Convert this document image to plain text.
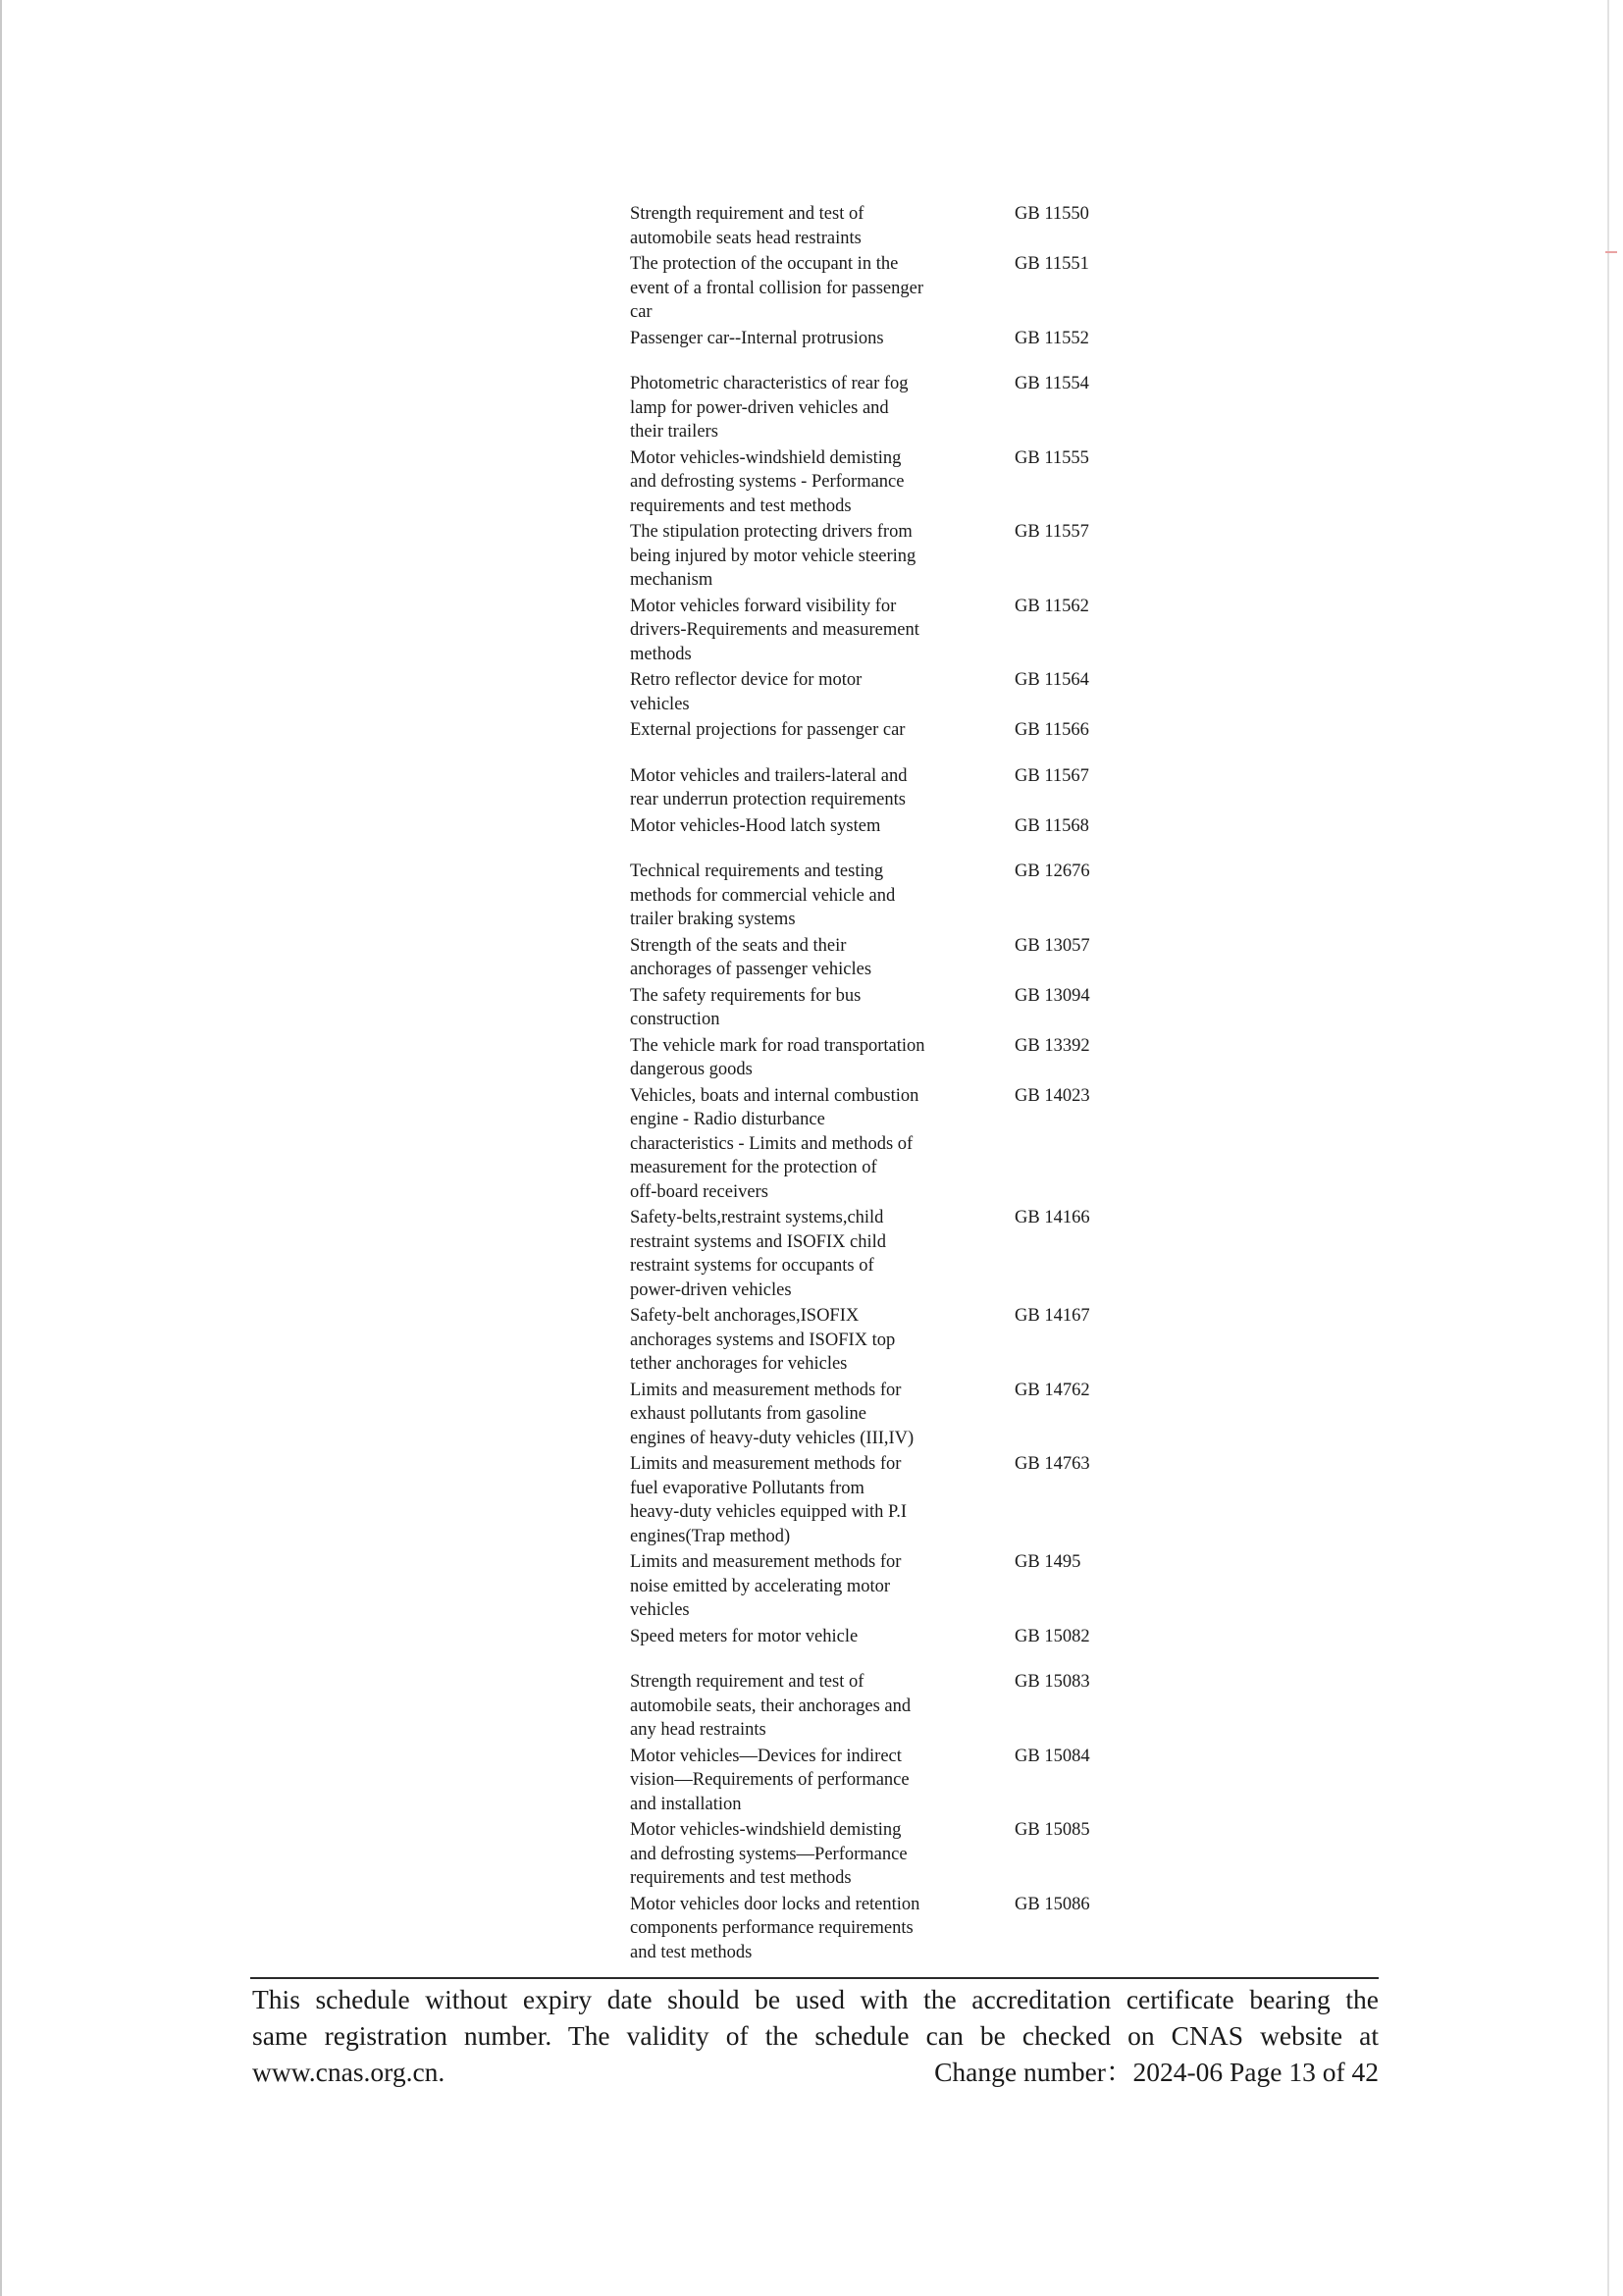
Strength requirement and test of
automobile seats head restraints
GB 11550
The protection of the occupant in the
event of a frontal collision for passenger
car
GB 11551
Passenger car--Internal protrusions	GB 11552
Photometric characteristics of rear fog
lamp for power-driven vehicles and
their trailers
GB 11554
Motor vehicles-windshield demisting
and defrosting systems - Performance
requirements and test methods
GB 11555
The stipulation protecting drivers from
being injured by motor vehicle steering
mechanism
GB 11557
Motor vehicles forward visibility for
drivers-Requirements and measurement
methods
GB 11562
Retro reflector device for motor
vehicles
GB 11564
External projections for passenger car	GB 11566
Motor vehicles and trailers-lateral and
rear underrun protection requirements
GB 11567
Motor vehicles-Hood latch system	GB 11568
Technical requirements and testing
methods for commercial vehicle and
trailer braking systems
GB 12676
Strength of the seats and their
anchorages of passenger vehicles
GB 13057
The safety requirements for bus
construction
GB 13094
The vehicle mark for road transportation
dangerous goods
GB 13392
Vehicles, boats and internal combustion
engine - Radio disturbance
characteristics - Limits and methods of
measurement for the protection of
off-board receivers
GB 14023
Safety-belts,restraint systems,child
restraint systems and ISOFIX child
restraint systems for occupants of
power-driven vehicles
GB 14166
Safety-belt anchorages,ISOFIX
anchorages systems and ISOFIX top
tether anchorages for vehicles
GB 14167
Limits and measurement methods for
exhaust pollutants from gasoline
engines of heavy-duty vehicles (III,IV)
GB 14762
Limits and measurement methods for
fuel evaporative Pollutants from
heavy-duty vehicles equipped with P.I
engines(Trap method)
GB 14763
Limits and measurement methods for
noise emitted by accelerating motor
vehicles
GB 1495
Speed meters for motor vehicle	GB 15082
Strength requirement and test of
automobile seats, their anchorages and
any head restraints
GB 15083
Motor vehicles—Devices for indirect
vision—Requirements of performance
and installation
GB 15084
Motor vehicles-windshield demisting
and defrosting systems—Performance
requirements and test methods
GB 15085
Motor vehicles door locks and retention
components performance requirements
and test methods
GB 15086
This schedule without expiry date should be used with the accreditation certificate bearing the
same registration number. The validity of the schedule can be checked on CNAS website at
www.cnas.org.cn.	Change number：2024-06 Page 13 of 42
